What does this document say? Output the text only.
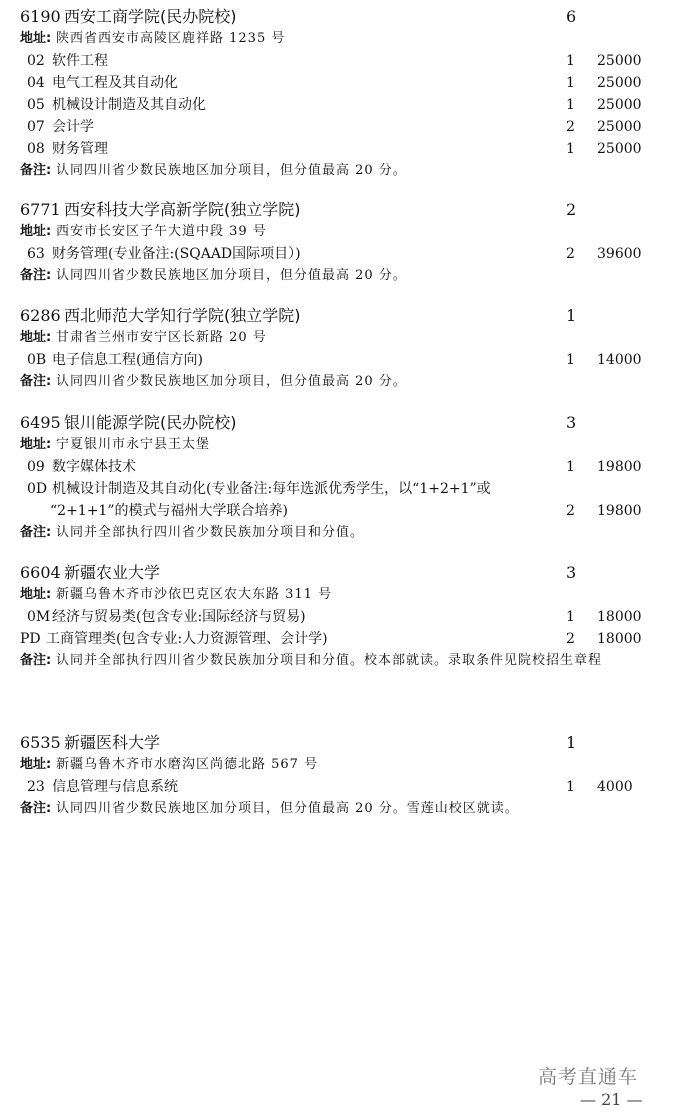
6190 西安工商学院(民办院校)	6
地址: 陕西省西安市高陵区鹿祥路 1235 号
02 软件工程	1 25000
04 电气工程及其自动化	1 25000
05 机械设计制造及其自动化	1 25000
07 会计学	2 25000
08 财务管理	1 25000
备注: 认同四川省少数民族地区加分项目，但分值最高 20 分。
6771 西安科技大学高新学院(独立学院)	2
地址: 西安市长安区子午大道中段 39 号
63 财务管理(专业备注:(SQAAD国际项目）)	2 39600
备注: 认同四川省少数民族地区加分项目，但分值最高 20 分。
6286 西北师范大学知行学院(独立学院)	1
地址: 甘肃省兰州市安宁区长新路 20 号
0B 电子信息工程(通信方向)	1 14000
备注: 认同四川省少数民族地区加分项目，但分值最高 20 分。
6495 银川能源学院(民办院校)	3
地址: 宁夏银川市永宁县王太堡
09 数字媒体技术	1 19800
0D 机械设计制造及其自动化(专业备注:每年选派优秀学生，以“1+2+1”或
“2+1+1”的模式与福州大学联合培养)	2 19800
备注: 认同并全部执行四川省少数民族加分项目和分值。
6604 新疆农业大学	3
地址: 新疆乌鲁木齐市沙依巴克区农大东路 311 号
0M 经济与贸易类(包含专业:国际经济与贸易)	1 18000
PD 工商管理类(包含专业:人力资源管理、会计学)	2 18000
备注: 认同并全部执行四川省少数民族加分项目和分值。校本部就读。录取条件见院校招生章程
6535 新疆医科大学	1
地址: 新疆乌鲁木齐市水磨沟区尚德北路 567 号
23 信息管理与信息系统	1 4000
备注: 认同四川省少数民族地区加分项目，但分值最高 20 分。雪莲山校区就读。
高考直通车
— 21 —
